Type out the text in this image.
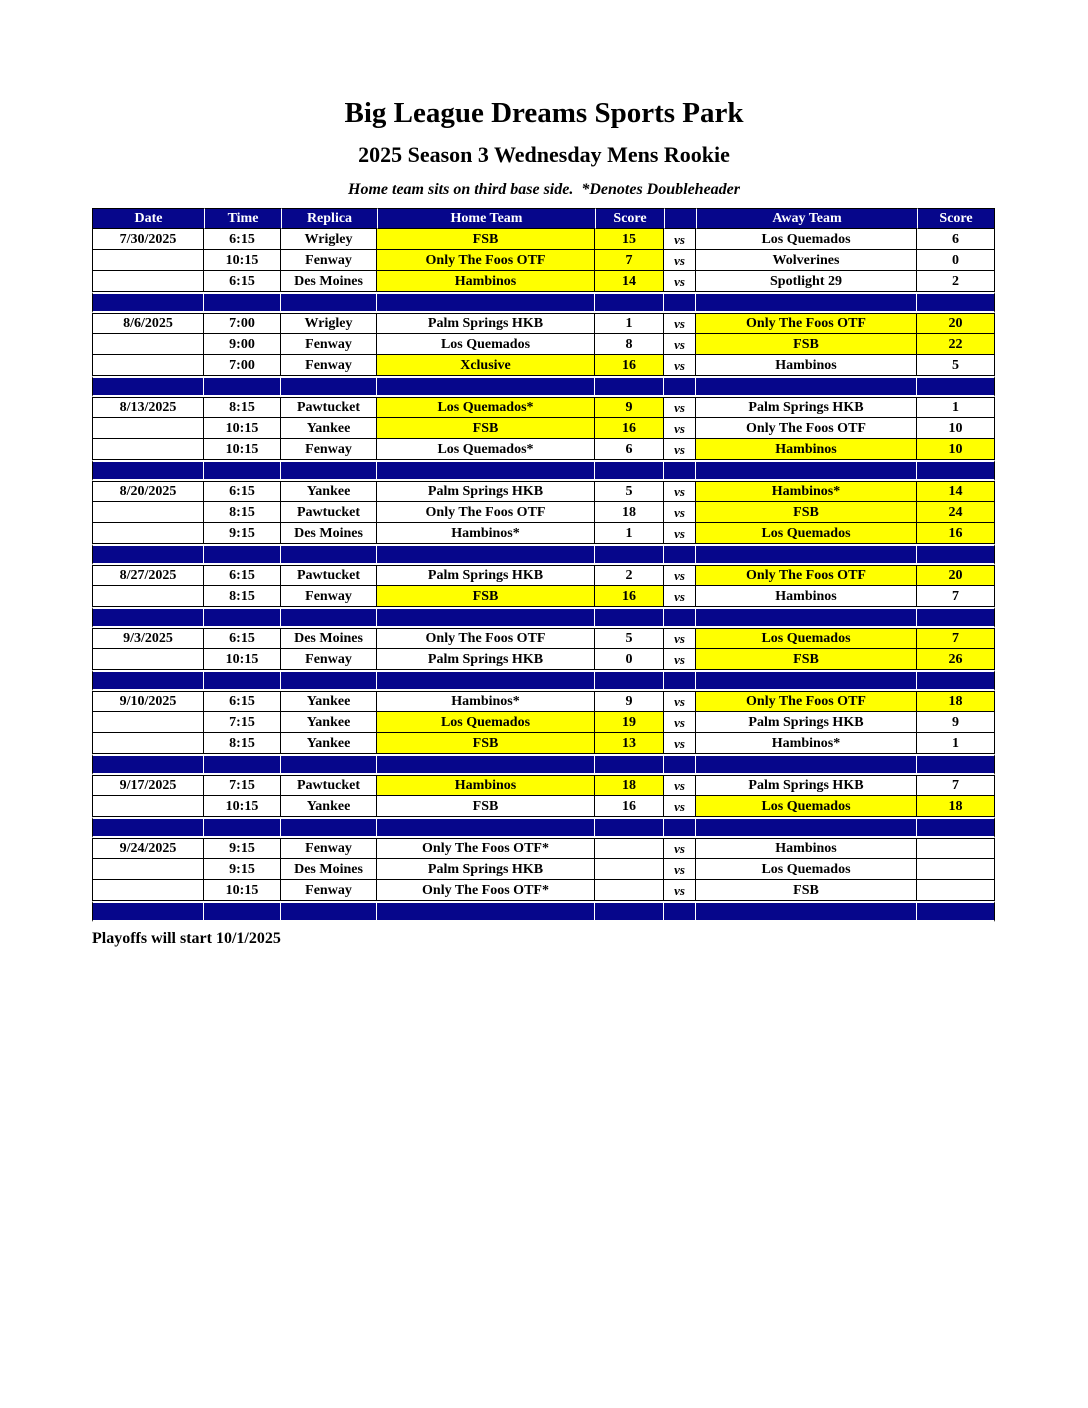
Big League Dreams Sports Park
2025 Season 3 Wednesday Mens Rookie
Home team sits on third base side.  *Denotes Doubleheader
Date	Time	Replica	Home Team	Score		Away Team	Score
7/30/2025	6:15	Wrigley	FSB	15	vs	Los Quemados	6
	10:15	Fenway	Only The Foos OTF	7	vs	Wolverines	0
	6:15	Des Moines	Hambinos	14	vs	Spotlight 29	2

8/6/2025	7:00	Wrigley	Palm Springs HKB	1	vs	Only The Foos OTF	20
	9:00	Fenway	Los Quemados	8	vs	FSB	22
	7:00	Fenway	Xclusive	16	vs	Hambinos	5

8/13/2025	8:15	Pawtucket	Los Quemados*	9	vs	Palm Springs HKB	1
	10:15	Yankee	FSB	16	vs	Only The Foos OTF	10
	10:15	Fenway	Los Quemados*	6	vs	Hambinos	10

8/20/2025	6:15	Yankee	Palm Springs HKB	5	vs	Hambinos*	14
	8:15	Pawtucket	Only The Foos OTF	18	vs	FSB	24
	9:15	Des Moines	Hambinos*	1	vs	Los Quemados	16

8/27/2025	6:15	Pawtucket	Palm Springs HKB	2	vs	Only The Foos OTF	20
	8:15	Fenway	FSB	16	vs	Hambinos	7

9/3/2025	6:15	Des Moines	Only The Foos OTF	5	vs	Los Quemados	7
	10:15	Fenway	Palm Springs HKB	0	vs	FSB	26

9/10/2025	6:15	Yankee	Hambinos*	9	vs	Only The Foos OTF	18
	7:15	Yankee	Los Quemados	19	vs	Palm Springs HKB	9
	8:15	Yankee	FSB	13	vs	Hambinos*	1

9/17/2025	7:15	Pawtucket	Hambinos	18	vs	Palm Springs HKB	7
	10:15	Yankee	FSB	16	vs	Los Quemados	18

9/24/2025	9:15	Fenway	Only The Foos OTF*		vs	Hambinos	
	9:15	Des Moines	Palm Springs HKB		vs	Los Quemados	
	10:15	Fenway	Only The Foos OTF*		vs	FSB	

Playoffs will start 10/1/2025
